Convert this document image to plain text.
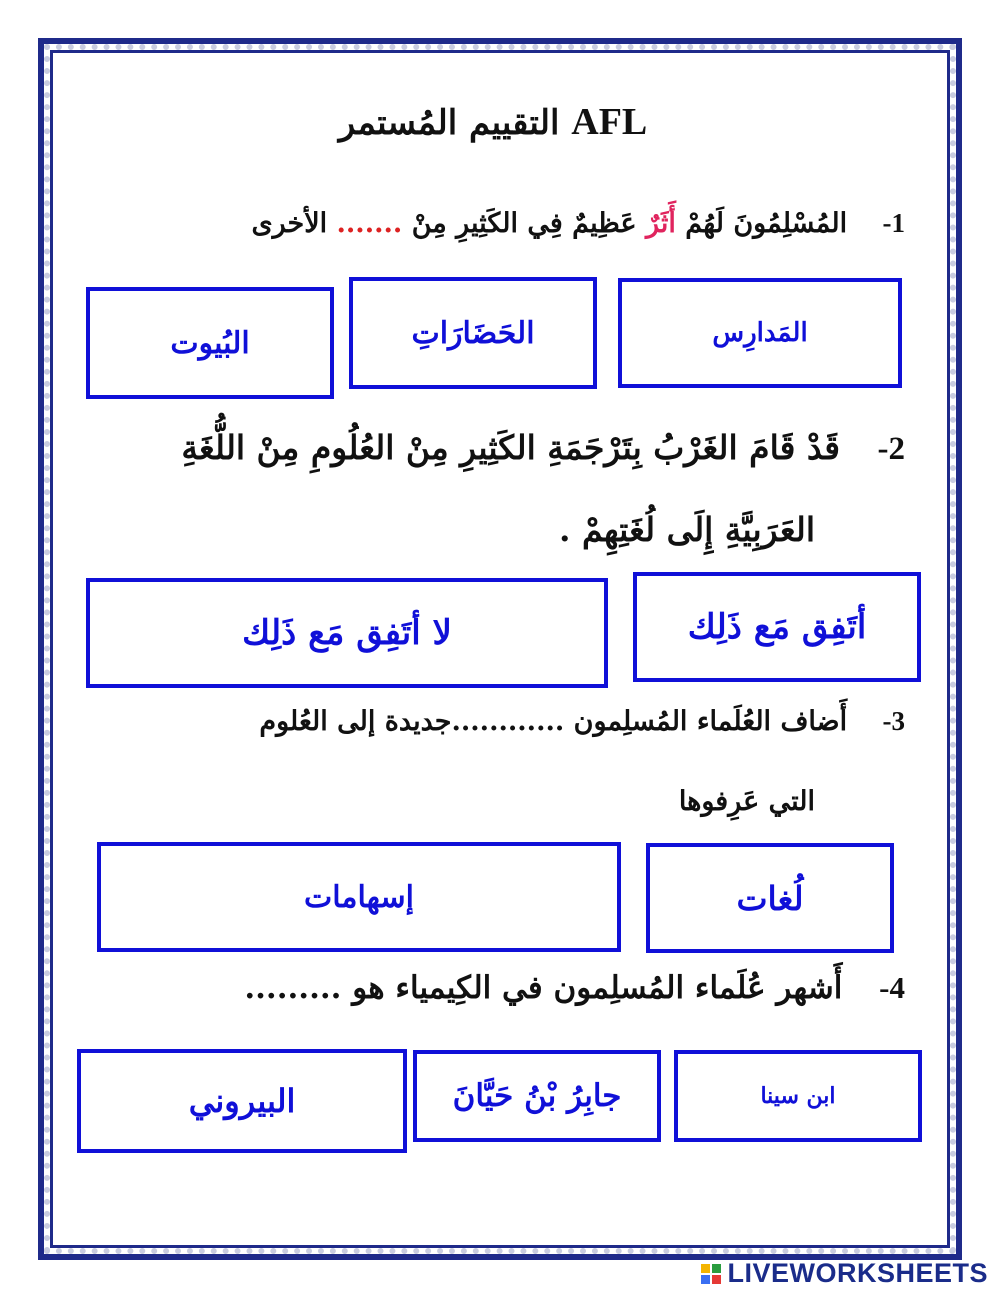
التقييم المُستمر AFL
1- المُسْلِمُونَ لَهُمْ أَثَرٌ عَظِيمٌ فِي الكَثِيرِ مِنْ ....... الأخرى
المَدارِس
الحَضَارَاتِ
البُيوت
2- قَدْ قَامَ الغَرْبُ بِتَرْجَمَةِ الكَثِيرِ مِنْ العُلُومِ مِنْ اللُّغَةِ
العَرَبِيَّةِ إِلَى لُغَتِهِمْ .
أتَفِق مَع ذَلِك
لا أتَفِق مَع ذَلِك
3- أَضاف العُلَماء المُسلِمون ............جديدة إلى العُلوم
التي عَرِفوها
لُغات
إسهامات
4- أَشهر عُلَماء المُسلِمون في الكِيمياء هو .........
ابن سينا
جابِرُ بْنُ حَيَّانَ
البيروني
LIVEWORKSHEETS
